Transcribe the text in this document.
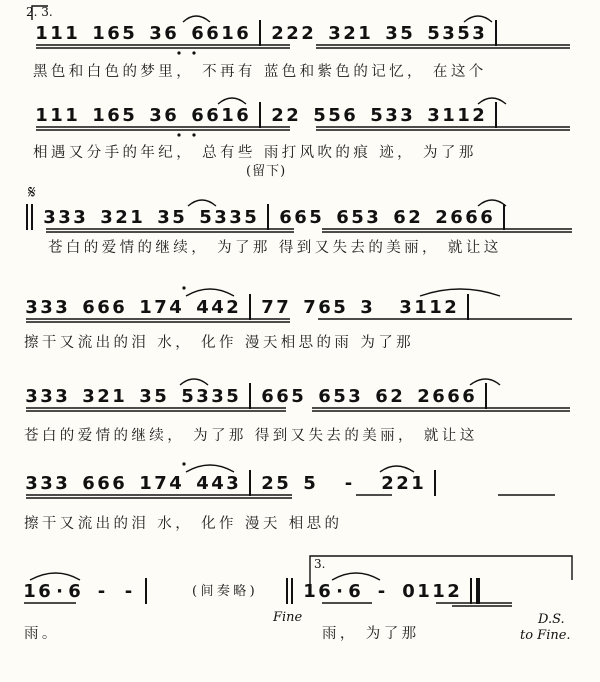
2. 3.
1 1 1 1 6 5 3 6 6 6 1 6 2 2 2 3 2 1 3 5 5 3 5 3
黑色和白色的梦里， 不再有 蓝色和紫色的记忆， 在这个
1 1 1 1 6 5 3 6 6 6 1 6 2 2 5 5 6 5 3 3 3 1 1 2
相遇又分手的年纪， 总有些 雨打风吹的痕 迹， 为了那
(留下)
𝄋
3 3 3 3 2 1 3 5 5 3 3 5 6 6 5 6 5 3 6 2 2 6 6 6
苍白的爱情的继续， 为了那 得到又失去的美丽， 就让这
3 3 3 6 6 6 1 7 4 4 4 2 7 7 7 6 5 3 3 1 1 2
擦干又流出的泪 水， 化作 漫天相思的雨 为了那
3 3 3 3 2 1 3 5 5 3 3 5 6 6 5 6 5 3 6 2 2 6 6 6
苍白的爱情的继续， 为了那 得到又失去的美丽， 就让这
3 3 3 6 6 6 1 7 4 4 4 3 2 5 5 - 2 2 1
擦干又流出的泪 水， 化作 漫天 相思的
1 6 · 6 - -	(间奏略)	1 6 · 6 - 0 1 1 2
3.
雨。	雨， 为了那
Fine	D.S.
to Fine.
